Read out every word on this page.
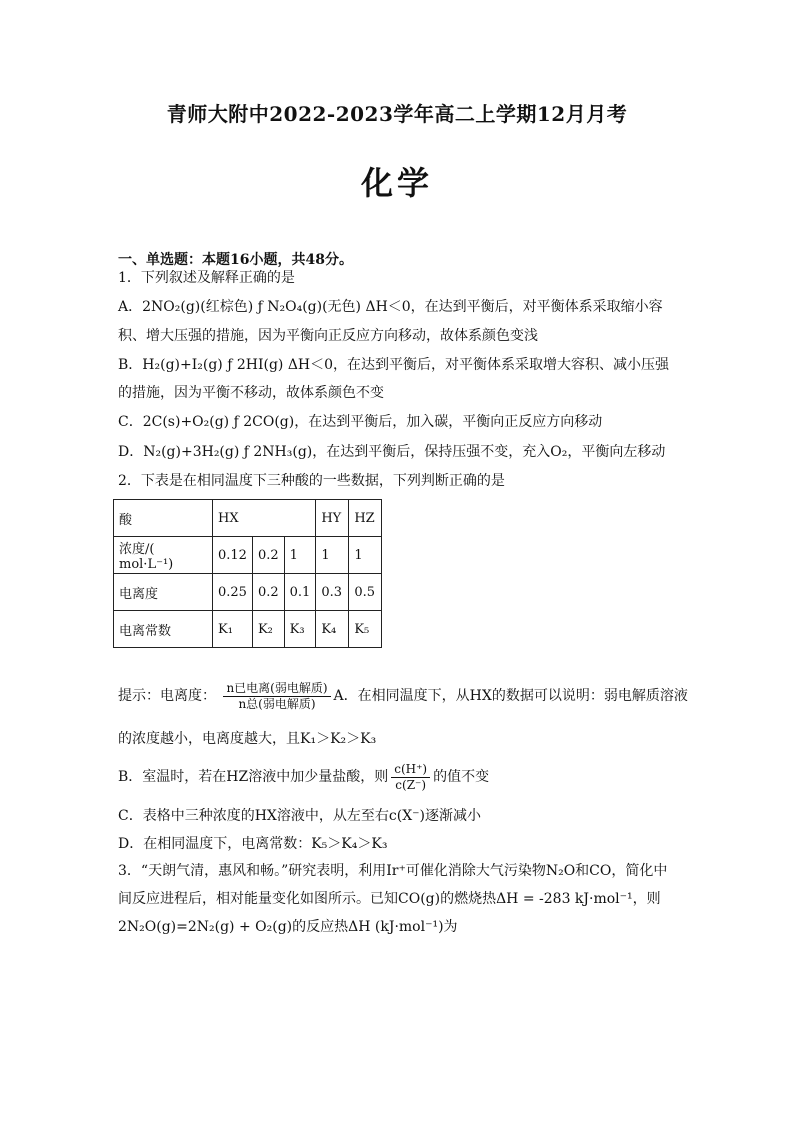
青师大附中2022-2023学年高二上学期12月月考
化学
一、单选题：本题16小题，共48分。
1．下列叙述及解释正确的是
A．2NO₂(g)(红棕色) ƒ N₂O₄(g)(无色) ΔH＜0，在达到平衡后，对平衡体系采取缩小容
积、增大压强的措施，因为平衡向正反应方向移动，故体系颜色变浅
B．H₂(g)+I₂(g) ƒ 2HI(g) ΔH＜0，在达到平衡后，对平衡体系采取增大容积、减小压强
的措施，因为平衡不移动，故体系颜色不变
C．2C(s)+O₂(g) ƒ 2CO(g)，在达到平衡后，加入碳，平衡向正反应方向移动
D．N₂(g)+3H₂(g) ƒ 2NH₃(g)，在达到平衡后，保持压强不变，充入O₂，平衡向左移动
2．下表是在相同温度下三种酸的一些数据，下列判断正确的是
酸	HX			HY	HZ
浓度/( mol·L⁻¹)	0.12	0.2	1	1	1
电离度	0.25	0.2	0.1	0.3	0.5
电离常数	K₁	K₂	K₃	K₄	K₅
提示：电离度： $\frac{\text{n已电离(弱电解质)}}{\text{n总(弱电解质)}}$ A．在相同温度下，从HX的数据可以说明：弱电解质溶液
的浓度越小，电离度越大，且K₁＞K₂＞K₃
B．室温时，若在HZ溶液中加少量盐酸，则 $\frac{c(H^+)}{c(Z^-)}$ 的值不变
C．表格中三种浓度的HX溶液中，从左至右c(X⁻)逐渐减小
D．在相同温度下，电离常数：K₅＞K₄＞K₃
3．“天朗气清，惠风和畅。”研究表明，利用Ir⁺可催化消除大气污染物N₂O和CO，简化中
间反应进程后，相对能量变化如图所示。已知CO(g)的燃烧热ΔH = -283 kJ·mol⁻¹，则
2N₂O(g)=2N₂(g) + O₂(g)的反应热ΔH (kJ·mol⁻¹)为
